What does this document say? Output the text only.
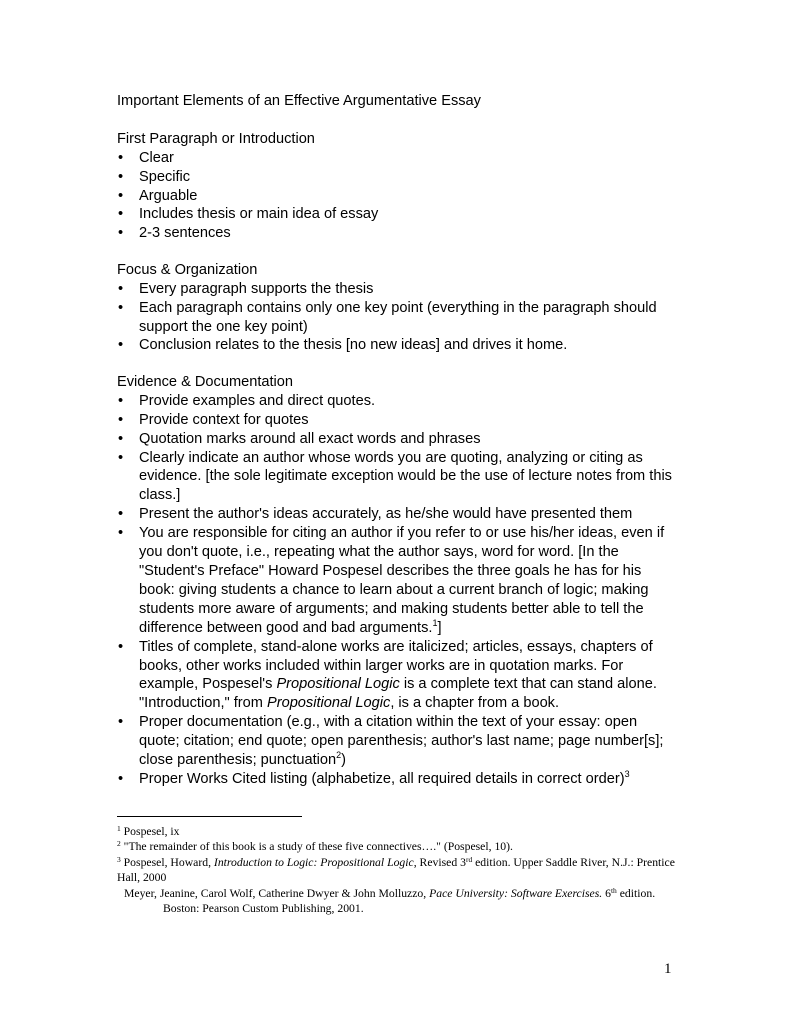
Important Elements of an Effective Argumentative Essay

First Paragraph or Introduction

• Clear
• Specific
• Arguable
• Includes thesis or main idea of essay
• 2-3 sentences

Focus & Organization

• Every paragraph supports the thesis
• Each paragraph contains only one key point (everything in the paragraph should support the one key point)
• Conclusion relates to the thesis [no new ideas] and drives it home.

Evidence & Documentation

• Provide examples and direct quotes.
• Provide context for quotes
• Quotation marks around all exact words and phrases
• Clearly indicate an author whose words you are quoting, analyzing or citing as evidence. [the sole legitimate exception would be the use of lecture notes from this class.]
• Present the author's ideas accurately, as he/she would have presented them
• You are responsible for citing an author if you refer to or use his/her ideas, even if you don't quote, i.e., repeating what the author says, word for word. [In the "Student's Preface" Howard Pospesel describes the three goals he has for his book: giving students a chance to learn about a current branch of logic; making students more aware of arguments; and making students better able to tell the difference between good and bad arguments.$^1$]
• Titles of complete, stand-alone works are italicized; articles, essays, chapters of books, other works included within larger works are in quotation marks. For example, Pospesel's Propositional Logic is a complete text that can stand alone. "Introduction," from Propositional Logic, is a chapter from a book.
• Proper documentation (e.g., with a citation within the text of your essay: open quote; citation; end quote; open parenthesis; author's last name; page number[s]; close parenthesis; punctuation$^2$)
• Proper Works Cited listing (alphabetize, all required details in correct order)$^3$

$^1$ Pospesel, ix

$^2$ "The remainder of this book is a study of these five connectives…." (Pospesel, 10).

$^3$ Pospesel, Howard, Introduction to Logic: Propositional Logic, Revised 3rd edition. Upper Saddle River, N.J.: Prentice Hall, 2000

Meyer, Jeanine, Carol Wolf, Catherine Dwyer & John Molluzzo, Pace University: Software Exercises. 6th edition.

Boston: Pearson Custom Publishing, 2001.

1
